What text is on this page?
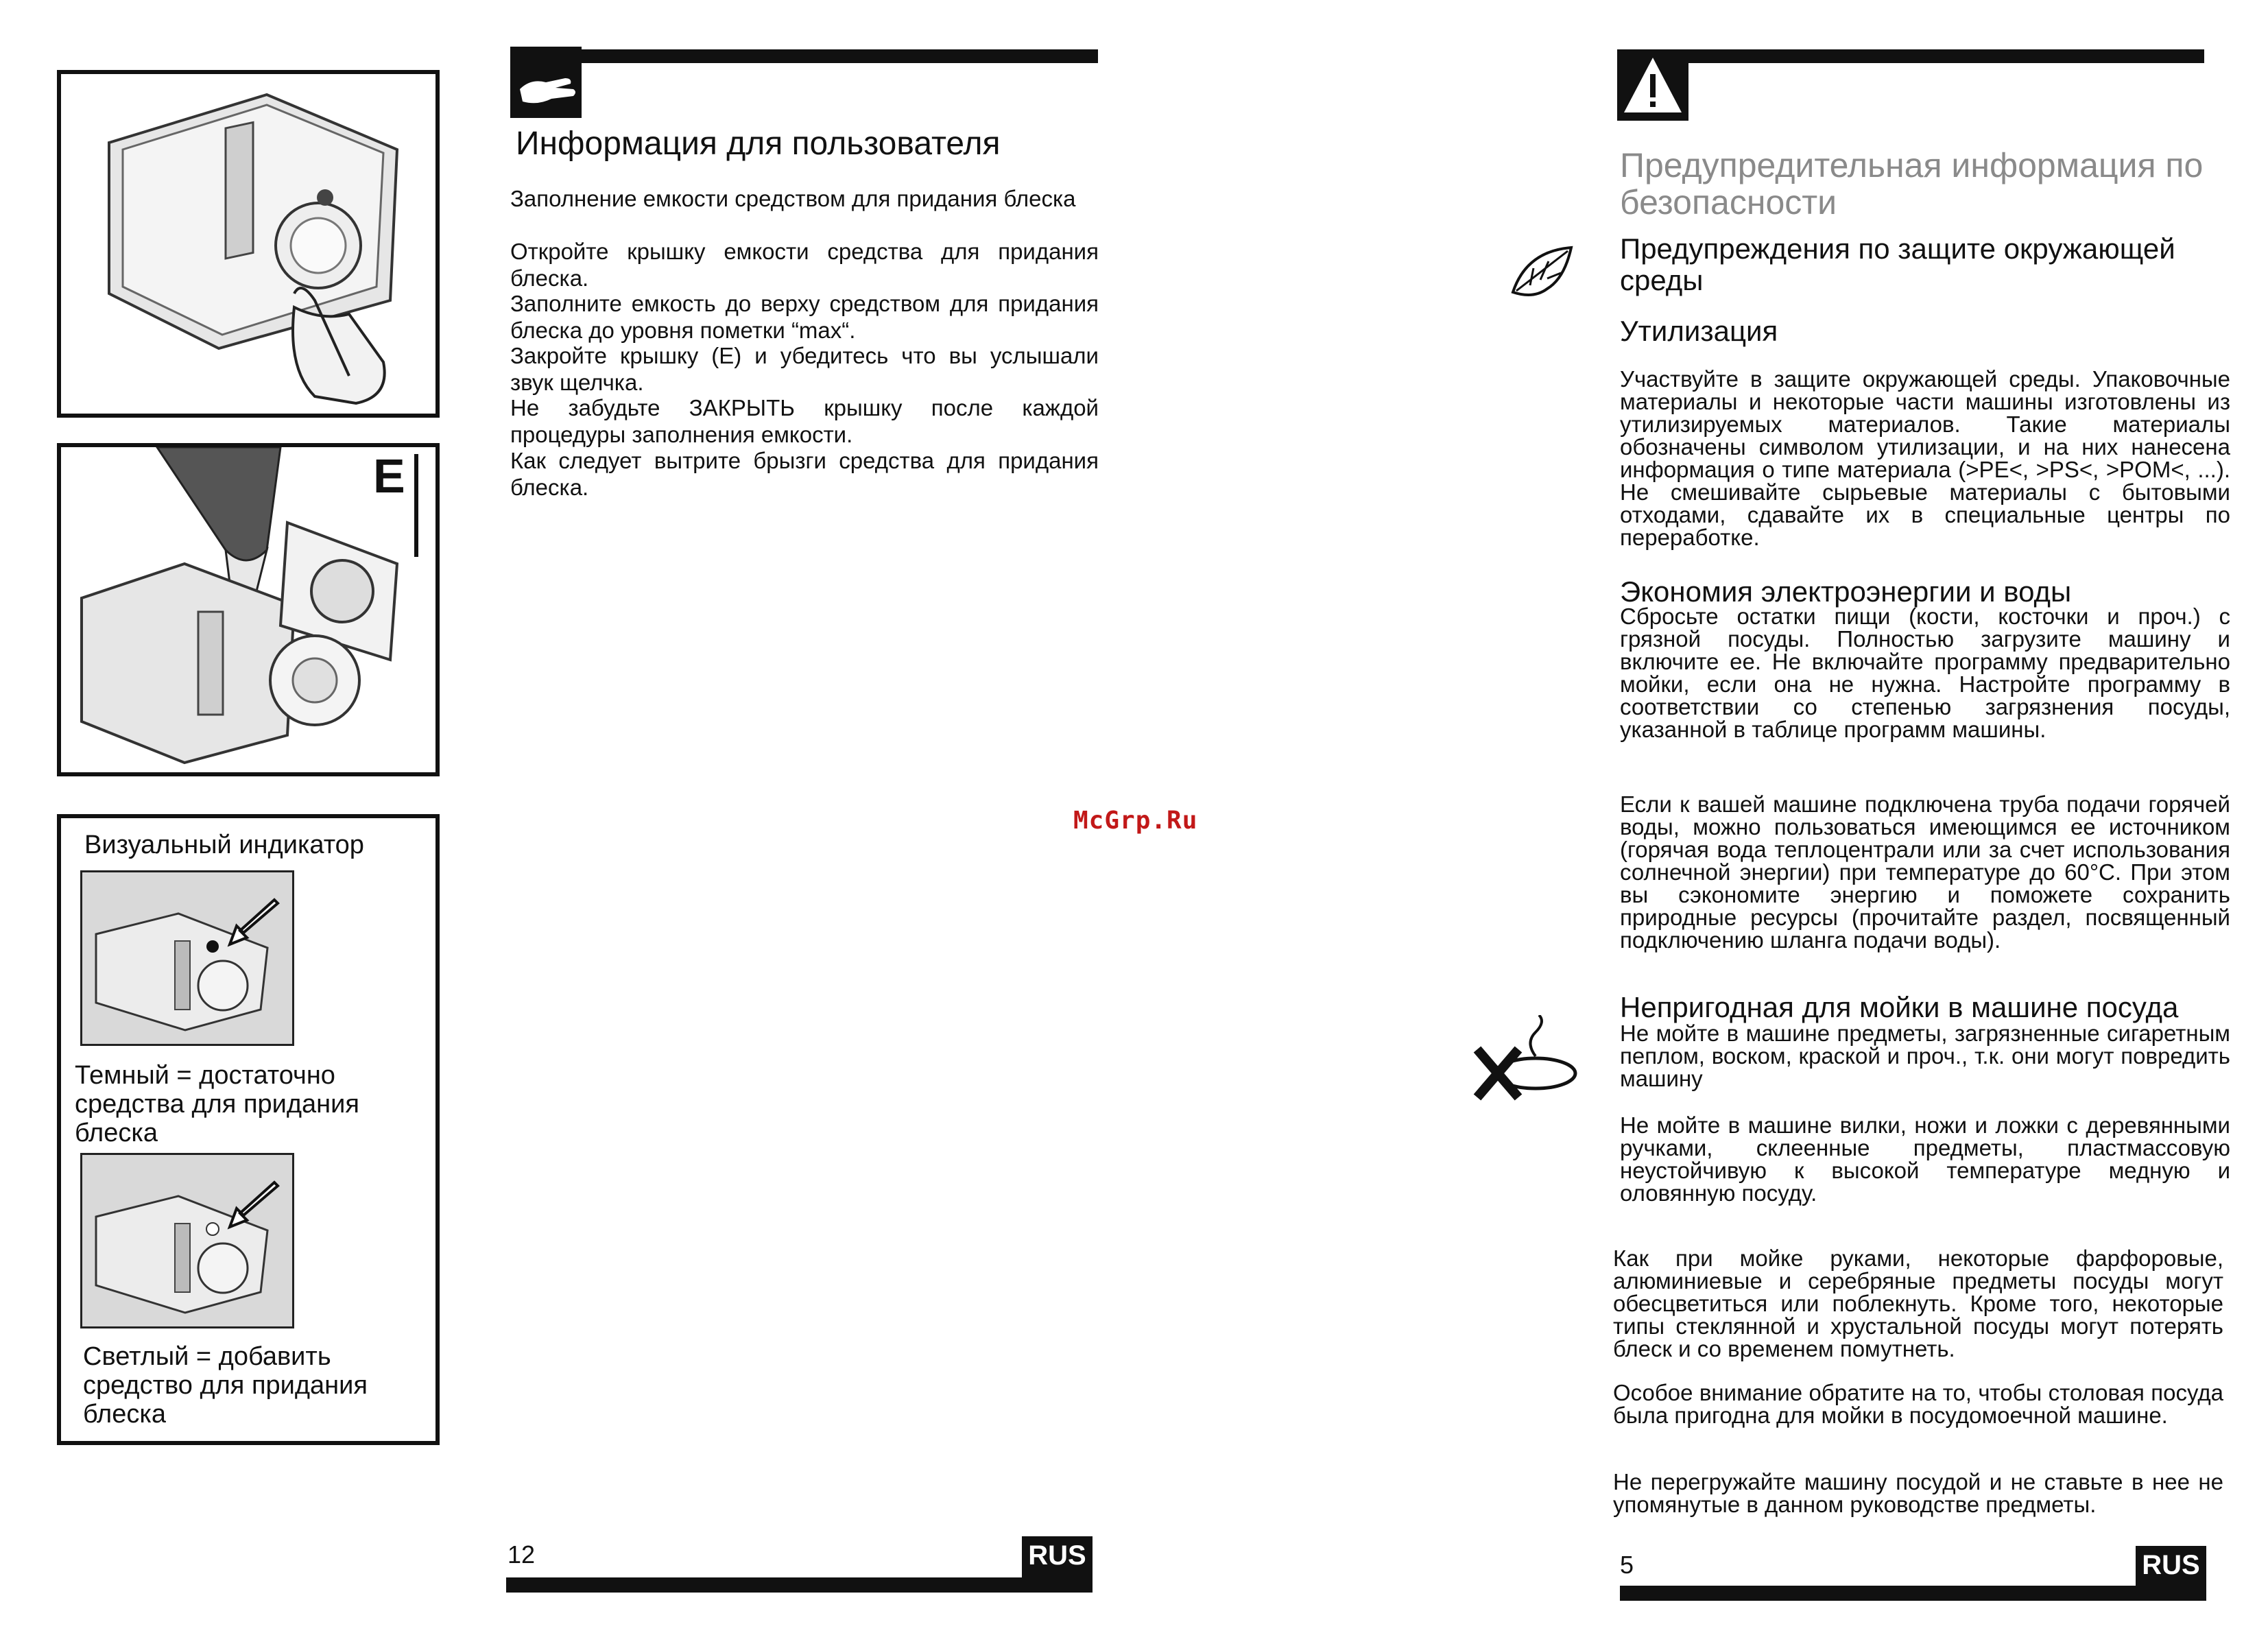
E
Визуальный индикатор
Темный = достаточно средства для придания блеска
Светлый = добавить средство для придания блеска
Информация для пользователя

Заполнение емкости средством для придания блеска

Откройте крышку емкости средства для придания блеска.

Заполните емкость до верху средством для придания блеска до уровня пометки “max“.

Закройте крышку (E) и убедитесь что вы услышали звук щелчка.

Не забудьте ЗАКРЫТЬ крышку после каждой процедуры заполнения емкости.

Как следует вытрите брызги средства для придания блеска.

McGrp.Ru
12	RUS
Предупредительная информация по безопасности
Предупреждения по защите окружающей среды
Утилизация

Участвуйте в защите окружающей среды. Упаковочные материалы и некоторые части машины изготовлены из утилизируемых материалов. Такие материалы обозначены символом утилизации, и на них нанесена информация о типе материала (>PE<, >PS<, >POM<, ...). Не смешивайте сырьевые материалы с бытовыми отходами, сдавайте их в специальные центры по переработке.

Экономия электроэнергии и воды

Сбросьте остатки пищи (кости, косточки и проч.) с грязной посуды. Полностью загрузите машину и включите ее. Не включайте программу предварительно мойки, если она не нужна. Настройте программу в соответствии со степенью загрязнения посуды, указанной в таблице программ машины.

Если к вашей машине подключена труба подачи горячей воды, можно пользоваться имеющимся ее источником (горячая вода теплоцентрали или за счет использования солнечной энергии) при температуре до 60°C. При этом вы сэкономите энергию и поможете сохранить природные ресурсы (прочитайте раздел, посвященный подключению шланга подачи воды).

Непригодная для мойки в машине посуда

Не мойте в машине предметы, загрязненные сигаретным пеплом, воском, краской и проч., т.к. они могут повредить машину

Не мойте в машине вилки, ножи и ложки с деревянными ручками, склеенные предметы, пластмассовую неустойчивую к высокой температуре медную и оловянную посуду.

Как при мойке руками, некоторые фарфоровые, алюминиевые и серебряные предметы посуды могут обесцветиться или поблекнуть. Кроме того, некоторые типы стеклянной и хрустальной посуды могут потерять блеск и со временем помутнеть.

Особое внимание обратите на то, чтобы столовая посуда была пригодна для мойки в посудомоечной машине.

Не перегружайте машину посудой и не ставьте в нее не упомянутые в данном руководстве предметы.

5	RUS
